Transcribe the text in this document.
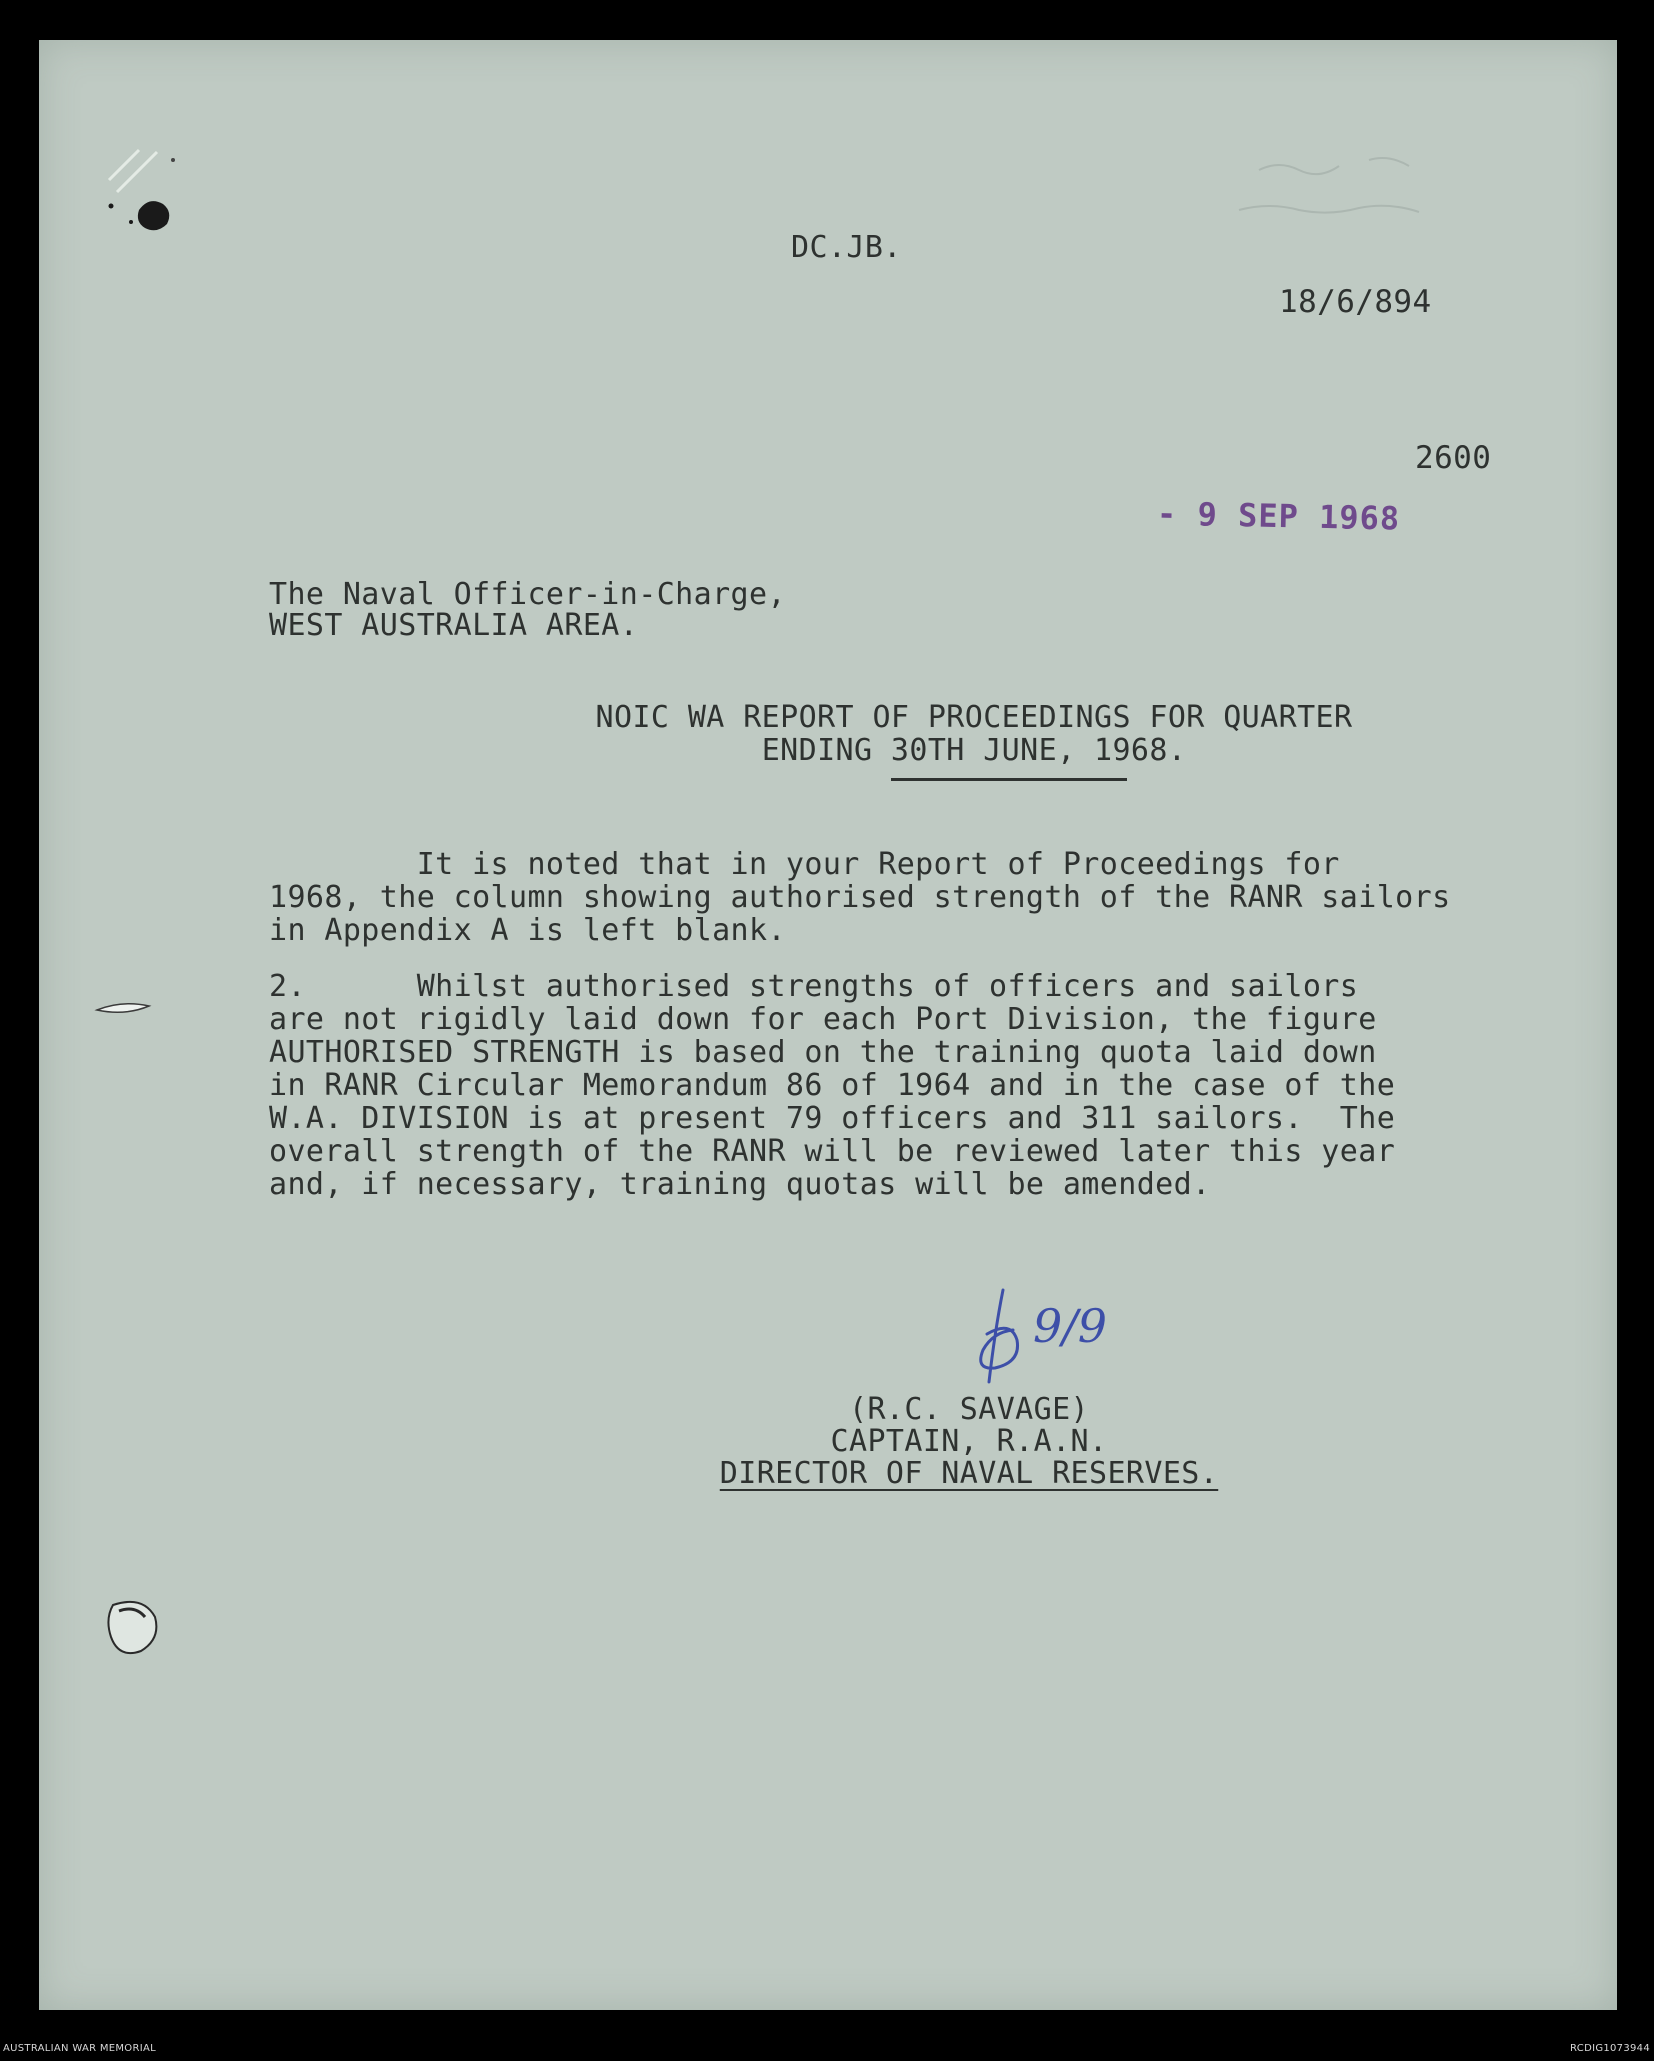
DC.JB.
18/6/894
2600
- 9 SEP 1968
The Naval Officer-in-Charge,
WEST AUSTRALIA AREA.
NOIC WA REPORT OF PROCEEDINGS FOR QUARTER
ENDING 30TH JUNE, 1968.
It is noted that in your Report of Proceedings for
1968, the column showing authorised strength of the RANR sailors
in Appendix A is left blank.
2.      Whilst authorised strengths of officers and sailors
are not rigidly laid down for each Port Division, the figure
AUTHORISED STRENGTH is based on the training quota laid down
in RANR Circular Memorandum 86 of 1964 and in the case of the
W.A. DIVISION is at present 79 officers and 311 sailors.  The
overall strength of the RANR will be reviewed later this year
and, if necessary, training quotas will be amended.
9/9
(R.C. SAVAGE)
CAPTAIN, R.A.N.
DIRECTOR OF NAVAL RESERVES.
AUSTRALIAN WAR MEMORIAL	RCDIG1073944
